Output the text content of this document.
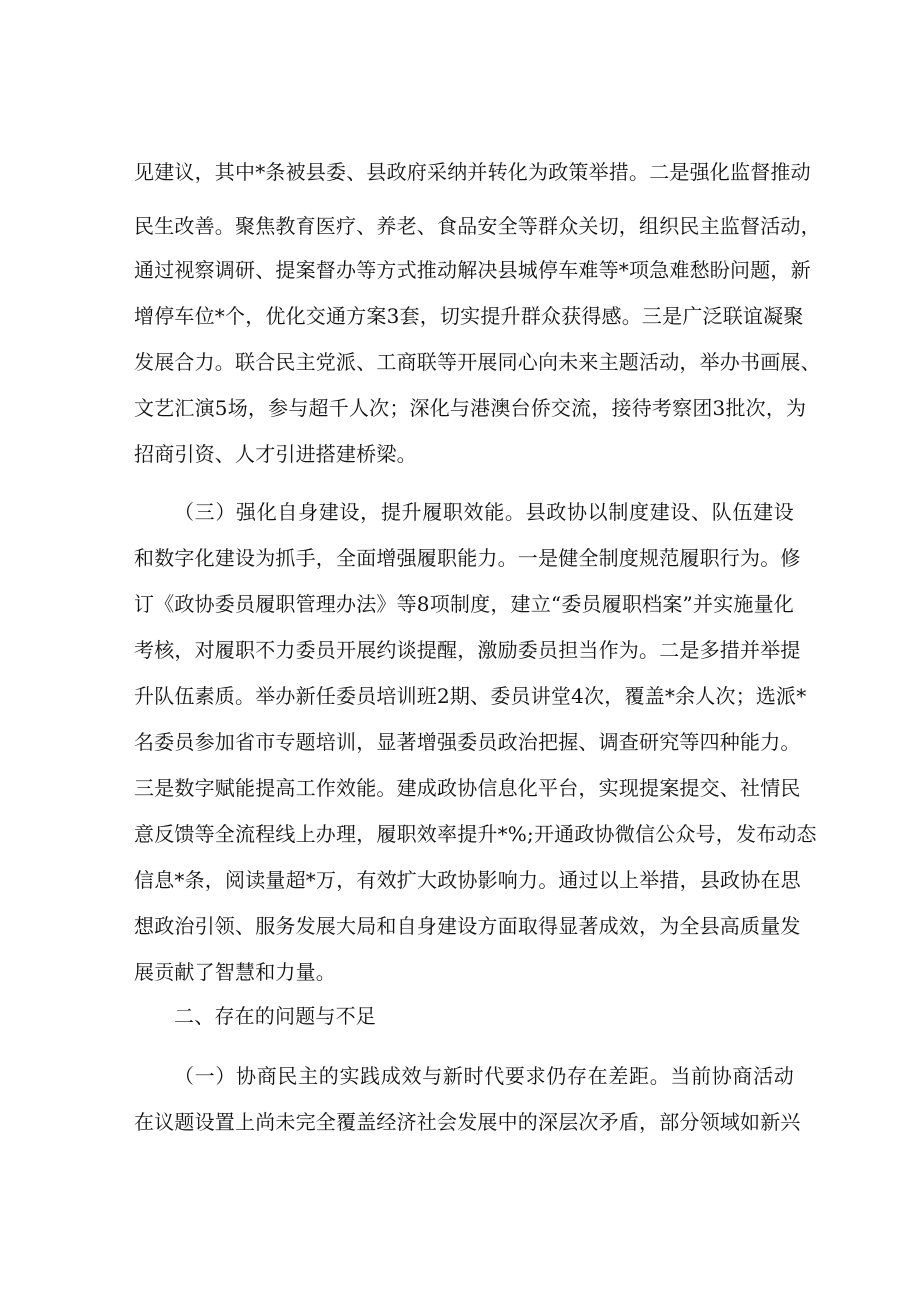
见建议，其中*条被县委、县政府采纳并转化为政策举措。二是强化监督推动
民生改善。聚焦教育医疗、养老、食品安全等群众关切，组织民主监督活动，
通过视察调研、提案督办等方式推动解决县城停车难等*项急难愁盼问题，新
增停车位*个，优化交通方案3套，切实提升群众获得感。三是广泛联谊凝聚
发展合力。联合民主党派、工商联等开展同心向未来主题活动，举办书画展、
文艺汇演5场，参与超千人次；深化与港澳台侨交流，接待考察团3批次，为
招商引资、人才引进搭建桥梁。
（三）强化自身建设，提升履职效能。县政协以制度建设、队伍建设
和数字化建设为抓手，全面增强履职能力。一是健全制度规范履职行为。修
订《政协委员履职管理办法》等8项制度，建立“委员履职档案”并实施量化
考核，对履职不力委员开展约谈提醒，激励委员担当作为。二是多措并举提
升队伍素质。举办新任委员培训班2期、委员讲堂4次，覆盖*余人次；选派*
名委员参加省市专题培训，显著增强委员政治把握、调查研究等四种能力。
三是数字赋能提高工作效能。建成政协信息化平台，实现提案提交、社情民
意反馈等全流程线上办理，履职效率提升*%;开通政协微信公众号，发布动态
信息*条，阅读量超*万，有效扩大政协影响力。通过以上举措，县政协在思
想政治引领、服务发展大局和自身建设方面取得显著成效，为全县高质量发
展贡献了智慧和力量。
二、存在的问题与不足
（一）协商民主的实践成效与新时代要求仍存在差距。当前协商活动
在议题设置上尚未完全覆盖经济社会发展中的深层次矛盾，部分领域如新兴
